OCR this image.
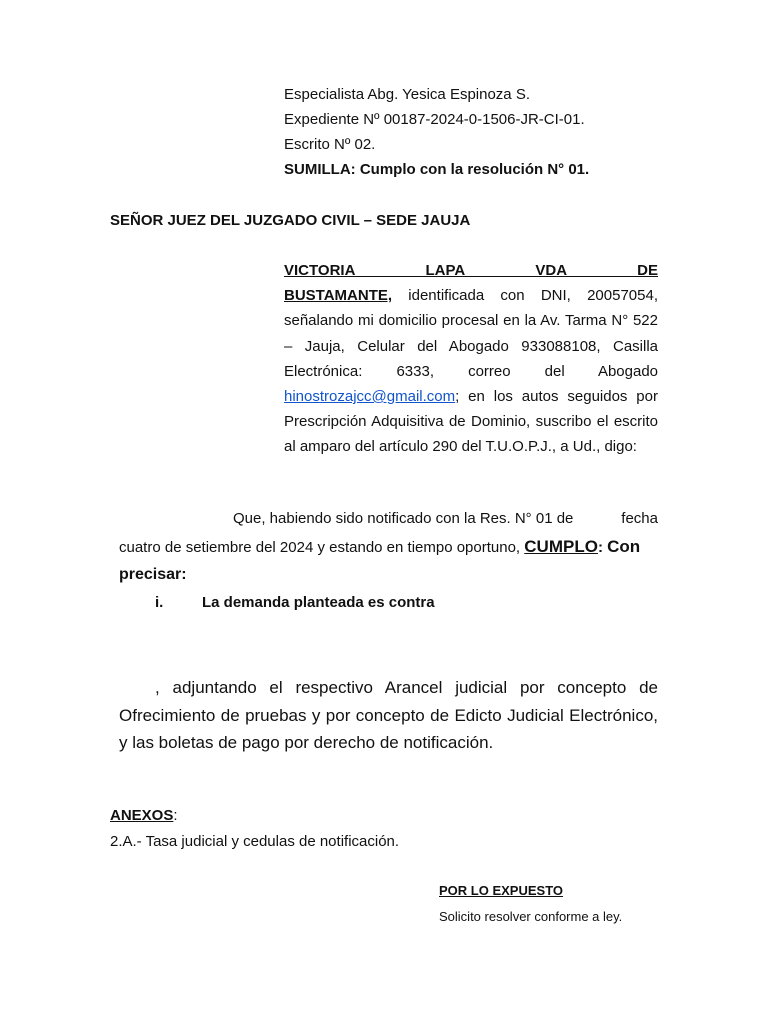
Especialista Abg. Yesica Espinoza S.
Expediente Nº 00187-2024-0-1506-JR-CI-01.
Escrito Nº 02.
SUMILLA: Cumplo con la resolución N° 01.
SEÑOR JUEZ DEL JUZGADO CIVIL – SEDE JAUJA
VICTORIA LAPA VDA DE
BUSTAMANTE, identificada con DNI, 20057054, señalando mi domicilio procesal en la Av. Tarma N° 522 – Jauja, Celular del Abogado 933088108, Casilla Electrónica: 6333, correo del Abogado hinostrozajcc@gmail.com; en los autos seguidos por Prescripción Adquisitiva de Dominio, suscribo el escrito al amparo del artículo 290 del T.U.O.P.J., a Ud., digo:
Que, habiendo sido notificado con la Res. N° 01 de	fecha
cuatro de setiembre del 2024 y estando en tiempo oportuno, CUMPLO: Con
precisar:
i.	La demanda planteada es contra
, adjuntando el respectivo Arancel judicial por concepto de Ofrecimiento de pruebas y por concepto de Edicto Judicial Electrónico, y las boletas de pago por derecho de notificación.
ANEXOS:
2.A.- Tasa judicial y cedulas de notificación.
POR LO EXPUESTO
Solicito resolver conforme a ley.
